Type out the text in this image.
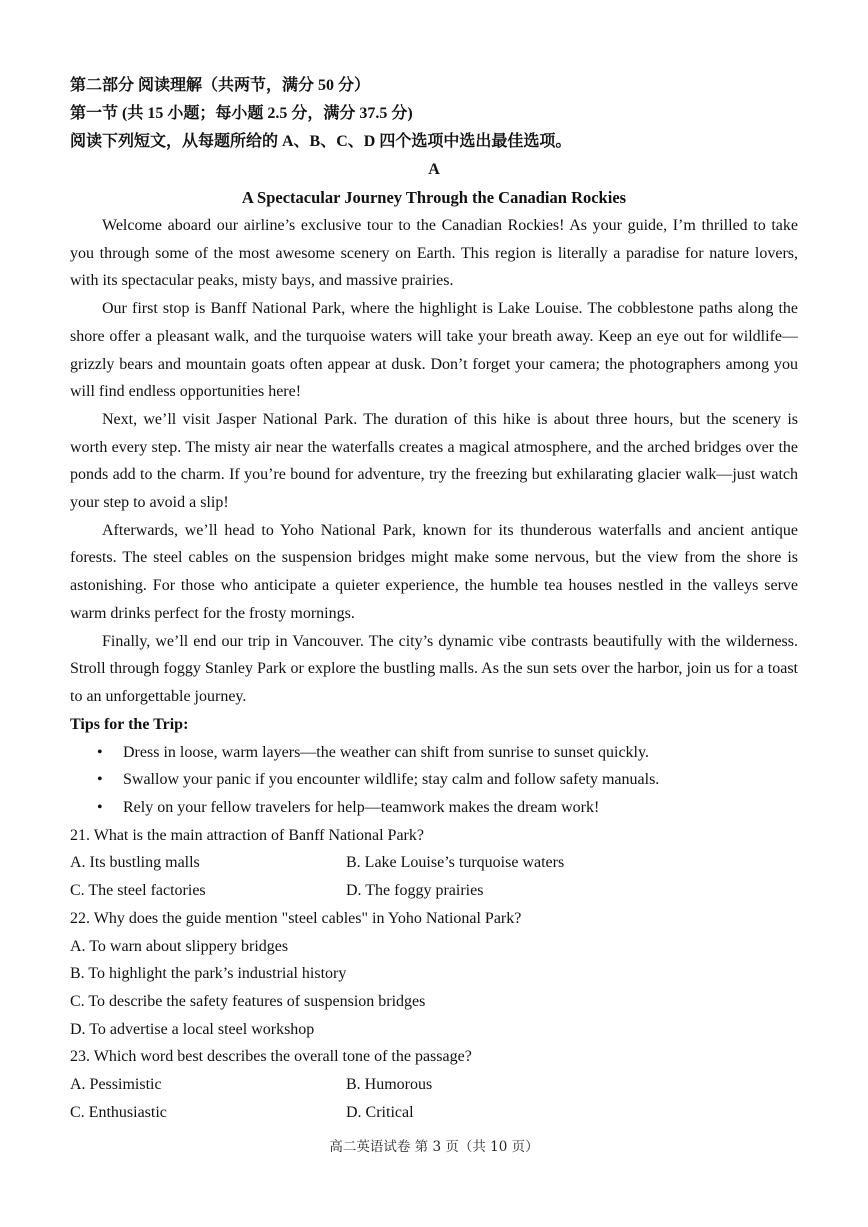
第二部分 阅读理解（共两节，满分 50 分）
第一节 (共 15 小题；每小题 2.5 分，满分 37.5 分)
阅读下列短文，从每题所给的 A、B、C、D 四个选项中选出最佳选项。
A
A Spectacular Journey Through the Canadian Rockies

Welcome aboard our airline’s exclusive tour to the Canadian Rockies! As your guide, I’m thrilled to take you through some of the most awesome scenery on Earth. This region is literally a paradise for nature lovers, with its spectacular peaks, misty bays, and massive prairies.

Our first stop is Banff National Park, where the highlight is Lake Louise. The cobblestone paths along the shore offer a pleasant walk, and the turquoise waters will take your breath away. Keep an eye out for wildlife—grizzly bears and mountain goats often appear at dusk. Don’t forget your camera; the photographers among you will find endless opportunities here!

Next, we’ll visit Jasper National Park. The duration of this hike is about three hours, but the scenery is worth every step. The misty air near the waterfalls creates a magical atmosphere, and the arched bridges over the ponds add to the charm. If you’re bound for adventure, try the freezing but exhilarating glacier walk—just watch your step to avoid a slip!

Afterwards, we’ll head to Yoho National Park, known for its thunderous waterfalls and ancient antique forests. The steel cables on the suspension bridges might make some nervous, but the view from the shore is astonishing. For those who anticipate a quieter experience, the humble tea houses nestled in the valleys serve warm drinks perfect for the frosty mornings.

Finally, we’ll end our trip in Vancouver. The city’s dynamic vibe contrasts beautifully with the wilderness. Stroll through foggy Stanley Park or explore the bustling malls. As the sun sets over the harbor, join us for a toast to an unforgettable journey.

Tips for the Trip:
• Dress in loose, warm layers—the weather can shift from sunrise to sunset quickly.
• Swallow your panic if you encounter wildlife; stay calm and follow safety manuals.
• Rely on your fellow travelers for help—teamwork makes the dream work!
21. What is the main attraction of Banff National Park?
A. Its bustling malls	B. Lake Louise’s turquoise waters
C. The steel factories	D. The foggy prairies
22. Why does the guide mention "steel cables" in Yoho National Park?
A. To warn about slippery bridges
B. To highlight the park’s industrial history
C. To describe the safety features of suspension bridges
D. To advertise a local steel workshop
23. Which word best describes the overall tone of the passage?
A. Pessimistic	B. Humorous
C. Enthusiastic	D. Critical
高二英语试卷 第 3 页（共 10 页）
